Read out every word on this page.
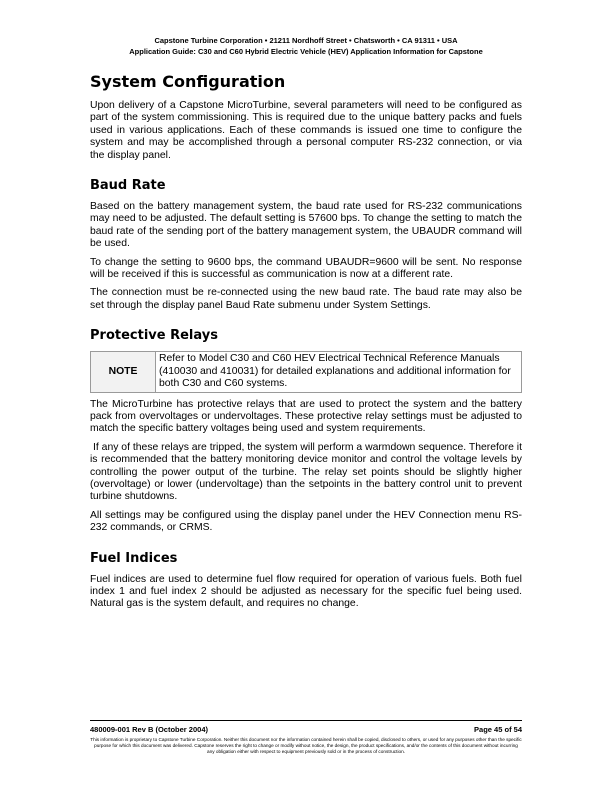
Capstone Turbine Corporation • 21211 Nordhoff Street • Chatsworth • CA 91311 • USA
Application Guide: C30 and C60 Hybrid Electric Vehicle (HEV) Application Information for Capstone
System Configuration

Upon delivery of a Capstone MicroTurbine, several parameters will need to be configured as part of the system commissioning. This is required due to the unique battery packs and fuels used in various applications. Each of these commands is issued one time to configure the system and may be accomplished through a personal computer RS-232 connection, or via the display panel.

Baud Rate

Based on the battery management system, the baud rate used for RS-232 communications may need to be adjusted. The default setting is 57600 bps. To change the setting to match the baud rate of the sending port of the battery management system, the UBAUDR command will be used.

To change the setting to 9600 bps, the command UBAUDR=9600 will be sent. No response will be received if this is successful as communication is now at a different rate.

The connection must be re-connected using the new baud rate. The baud rate may also be set through the display panel Baud Rate submenu under System Settings.

Protective Relays
NOTE	Refer to Model C30 and C60 HEV Electrical Technical Reference Manuals (410030 and 410031) for detailed explanations and additional information for both C30 and C60 systems.

The MicroTurbine has protective relays that are used to protect the system and the battery pack from overvoltages or undervoltages. These protective relay settings must be adjusted to match the specific battery voltages being used and system requirements.

If any of these relays are tripped, the system will perform a warmdown sequence. Therefore it is recommended that the battery monitoring device monitor and control the voltage levels by controlling the power output of the turbine. The relay set points should be slightly higher (overvoltage) or lower (undervoltage) than the setpoints in the battery control unit to prevent turbine shutdowns.

All settings may be configured using the display panel under the HEV Connection menu RS-232 commands, or CRMS.

Fuel Indices

Fuel indices are used to determine fuel flow required for operation of various fuels. Both fuel index 1 and fuel index 2 should be adjusted as necessary for the specific fuel being used. Natural gas is the system default, and requires no change.

480009-001 Rev B (October 2004)	Page 45 of 54
This information is proprietary to Capstone Turbine Corporation. Neither this document nor the information contained herein shall be copied, disclosed to others, or used for any purposes other than the specific purpose for which this document was delivered. Capstone reserves the right to change or modify without notice, the design, the product specifications, and/or the contents of this document without incurring any obligation either with respect to equipment previously sold or in the process of construction.
